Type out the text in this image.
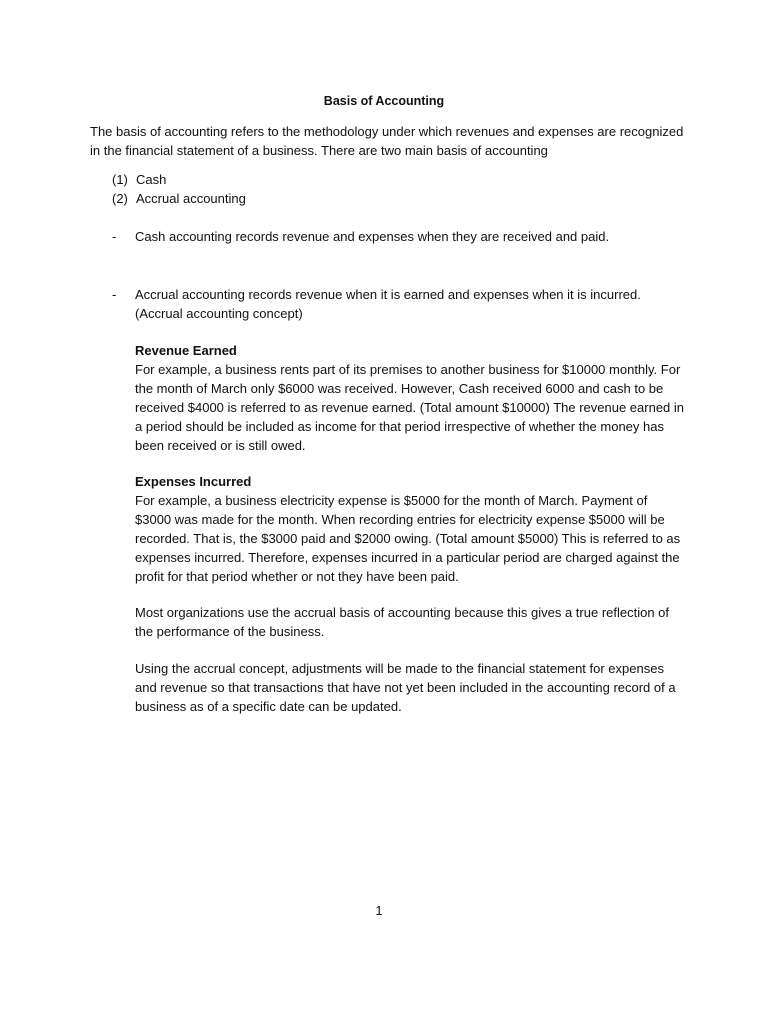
Basis of Accounting

The basis of accounting refers to the methodology under which revenues and expenses are recognized in the financial statement of a business. There are two main basis of accounting

(1) Cash
(2) Accrual accounting
-	Cash accounting records revenue and expenses when they are received and paid.
-	Accrual accounting records revenue when it is earned and expenses when it is incurred. (Accrual accounting concept)
Revenue Earned
For example, a business rents part of its premises to another business for $10000 monthly. For the month of March only $6000 was received. However, Cash received 6000 and cash to be received $4000 is referred to as revenue earned. (Total amount $10000) The revenue earned in a period should be included as income for that period irrespective of whether the money has been received or is still owed.
Expenses Incurred
For example, a business electricity expense is $5000 for the month of March. Payment of $3000 was made for the month. When recording entries for electricity expense $5000 will be recorded. That is, the $3000 paid and $2000 owing. (Total amount $5000) This is referred to as expenses incurred. Therefore, expenses incurred in a particular period are charged against the profit for that period whether or not they have been paid.
Most organizations use the accrual basis of accounting because this gives a true reflection of the performance of the business.
Using the accrual concept, adjustments will be made to the financial statement for expenses and revenue so that transactions that have not yet been included in the accounting record of a business as of a specific date can be updated.
1
